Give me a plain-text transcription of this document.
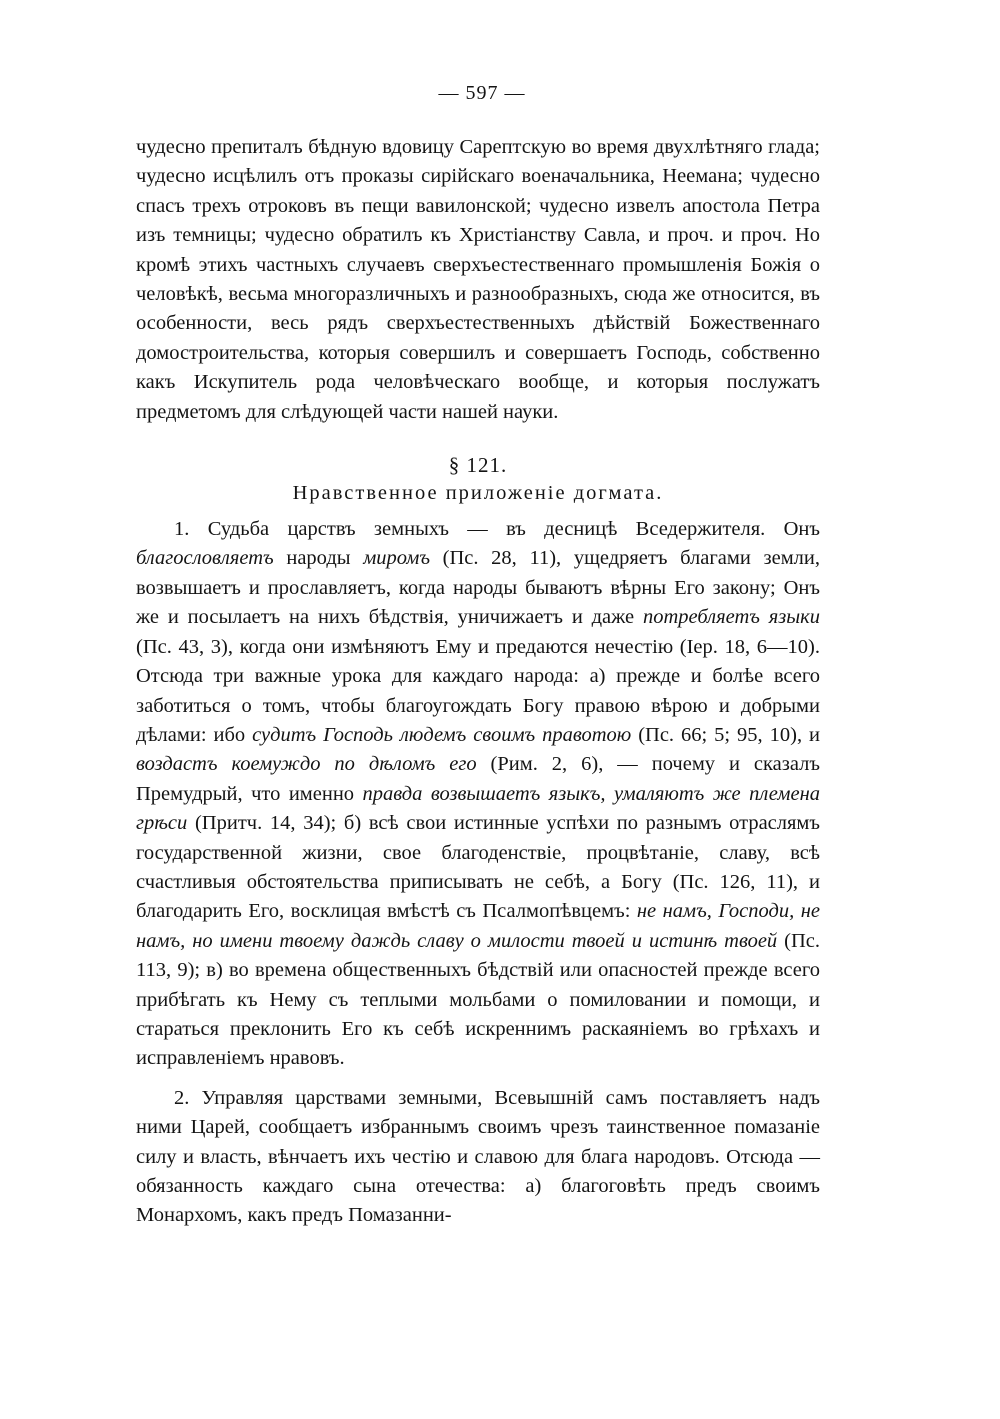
— 597 —

чудесно препиталъ бѣдную вдовицу Сарептскую во время двухлѣтняго глада; чудесно исцѣлилъ отъ проказы сирійскаго военачальника, Неемана; чудесно спасъ трехъ отроковъ въ пещи вавилонской; чудесно извелъ апостола Петра изъ темницы; чудесно обратилъ къ Христіанству Савла, и проч. и проч. Но кромѣ этихъ частныхъ случаевъ сверхъестественнаго промышленія Божія о человѣкѣ, весьма многоразличныхъ и разнообразныхъ, сюда же относится, въ особенности, весь рядъ сверхъестественныхъ дѣйствій Божественнаго домостроительства, которыя совершилъ и совершаетъ Господь, собственно какъ Искупитель рода человѣческаго вообще, и которыя послужатъ предметомъ для слѣдующей части нашей науки.

§ 121.
Нравственное приложеніе догмата.

1. Судьба царствъ земныхъ — въ десницѣ Вседержителя. Онъ благословляетъ народы миромъ (Пс. 28, 11), ущедряетъ благами земли, возвышаетъ и прославляетъ, когда народы бываютъ вѣрны Его закону; Онъ же и посылаетъ на нихъ бѣдствія, уничижаетъ и даже потребляетъ языки (Пс. 43, 3), когда они измѣняютъ Ему и предаются нечестію (Іер. 18, 6—10). Отсюда три важные урока для каждаго народа: а) прежде и болѣе всего заботиться о томъ, чтобы благоугождать Богу правою вѣрою и добрыми дѣлами: ибо судитъ Господь людемъ своимъ правотою (Пс. 66; 5; 95, 10), и воздастъ коемуждо по дѣломъ его (Рим. 2, 6), — почему и сказалъ Премудрый, что именно правда возвышаетъ языкъ, умаляютъ же племена грѣси (Притч. 14, 34); б) всѣ свои истинные успѣхи по разнымъ отраслямъ государственной жизни, свое благоденствіе, процвѣтаніе, славу, всѣ счастливыя обстоятельства приписывать не себѣ, а Богу (Пс. 126, 11), и благодарить Его, восклицая вмѣстѣ съ Псалмопѣвцемъ: не намъ, Господи, не намъ, но имени твоему даждь славу о милости твоей и истинѣ твоей (Пс. 113, 9); в) во времена общественныхъ бѣдствій или опасностей прежде всего прибѣгать къ Нему съ теплыми мольбами о помиловании и помощи, и стараться преклонить Его къ себѣ искреннимъ раскаяніемъ во грѣхахъ и исправленіемъ нравовъ.

2. Управляя царствами земными, Всевышній самъ поставляетъ надъ ними Царей, сообщаетъ избраннымъ своимъ чрезъ таинственное помазаніе силу и власть, вѣнчаетъ ихъ честію и славою для блага народовъ. Отсюда — обязанность каждаго сына отечества: а) благоговѣть предъ своимъ Монархомъ, какъ предъ Помазанни-
